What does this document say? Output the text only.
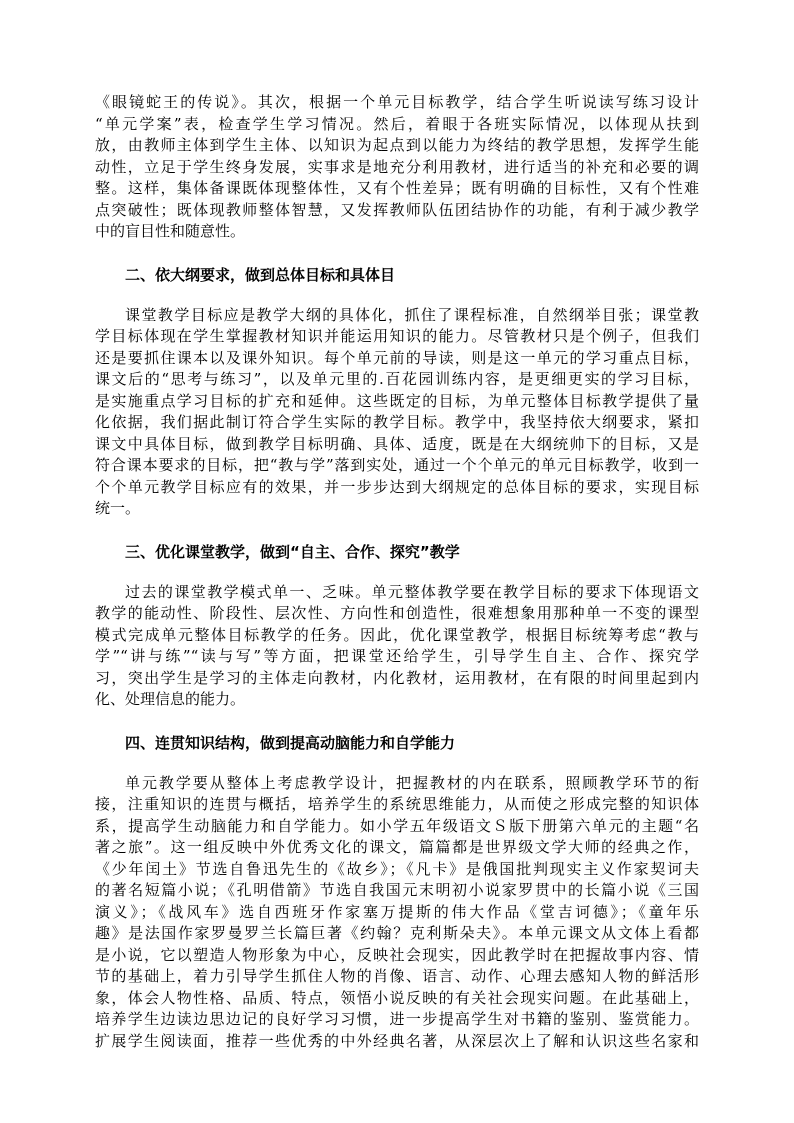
《眼镜蛇王的传说》。其次，根据一个单元目标教学，结合学生听说读写练习设计
“单元学案”表，检查学生学习情况。然后，着眼于各班实际情况，以体现从扶到
放，由教师主体到学生主体、以知识为起点到以能力为终结的教学思想，发挥学生能
动性，立足于学生终身发展，实事求是地充分利用教材，进行适当的补充和必要的调
整。这样，集体备课既体现整体性，又有个性差异；既有明确的目标性，又有个性难
点突破性；既体现教师整体智慧，又发挥教师队伍团结协作的功能，有利于减少教学
中的盲目性和随意性。
二、依大纲要求，做到总体目标和具体目
课堂教学目标应是教学大纲的具体化，抓住了课程标准，自然纲举目张；课堂教
学目标体现在学生掌握教材知识并能运用知识的能力。尽管教材只是个例子，但我们
还是要抓住课本以及课外知识。每个单元前的导读，则是这一单元的学习重点目标，
课文后的“思考与练习”，以及单元里的.百花园训练内容，是更细更实的学习目标，
是实施重点学习目标的扩充和延伸。这些既定的目标，为单元整体目标教学提供了量
化依据，我们据此制订符合学生实际的教学目标。教学中，我坚持依大纲要求，紧扣
课文中具体目标，做到教学目标明确、具体、适度，既是在大纲统帅下的目标，又是
符合课本要求的目标，把“教与学”落到实处，通过一个个单元的单元目标教学，收到一
个个单元教学目标应有的效果，并一步步达到大纲规定的总体目标的要求，实现目标
统一。
三、优化课堂教学，做到“自主、合作、探究”教学
过去的课堂教学模式单一、乏味。单元整体教学要在教学目标的要求下体现语文
教学的能动性、阶段性、层次性、方向性和创造性，很难想象用那种单一不变的课型
模式完成单元整体目标教学的任务。因此，优化课堂教学，根据目标统筹考虑“教与
学”“讲与练”“读与写”等方面，把课堂还给学生，引导学生自主、合作、探究学
习，突出学生是学习的主体走向教材，内化教材，运用教材，在有限的时间里起到内
化、处理信息的能力。
四、连贯知识结构，做到提高动脑能力和自学能力
单元教学要从整体上考虑教学设计，把握教材的内在联系，照顾教学环节的衔
接，注重知识的连贯与概括，培养学生的系统思维能力，从而使之形成完整的知识体
系，提高学生动脑能力和自学能力。如小学五年级语文Ｓ版下册第六单元的主题“名
著之旅”。这一组反映中外优秀文化的课文，篇篇都是世界级文学大师的经典之作，
《少年闰土》节选自鲁迅先生的《故乡》；《凡卡》是俄国批判现实主义作家契诃夫
的著名短篇小说；《孔明借箭》节选自我国元末明初小说家罗贯中的长篇小说《三国
演义》；《战风车》选自西班牙作家塞万提斯的伟大作品《堂吉诃德》；《童年乐
趣》是法国作家罗曼罗兰长篇巨著《约翰？克利斯朵夫》。本单元课文从文体上看都
是小说，它以塑造人物形象为中心，反映社会现实，因此教学时在把握故事内容、情
节的基础上，着力引导学生抓住人物的肖像、语言、动作、心理去感知人物的鲜活形
象，体会人物性格、品质、特点，领悟小说反映的有关社会现实问题。在此基础上，
培养学生边读边思边记的良好学习习惯，进一步提高学生对书籍的鉴别、鉴赏能力。
扩展学生阅读面，推荐一些优秀的中外经典名著，从深层次上了解和认识这些名家和
